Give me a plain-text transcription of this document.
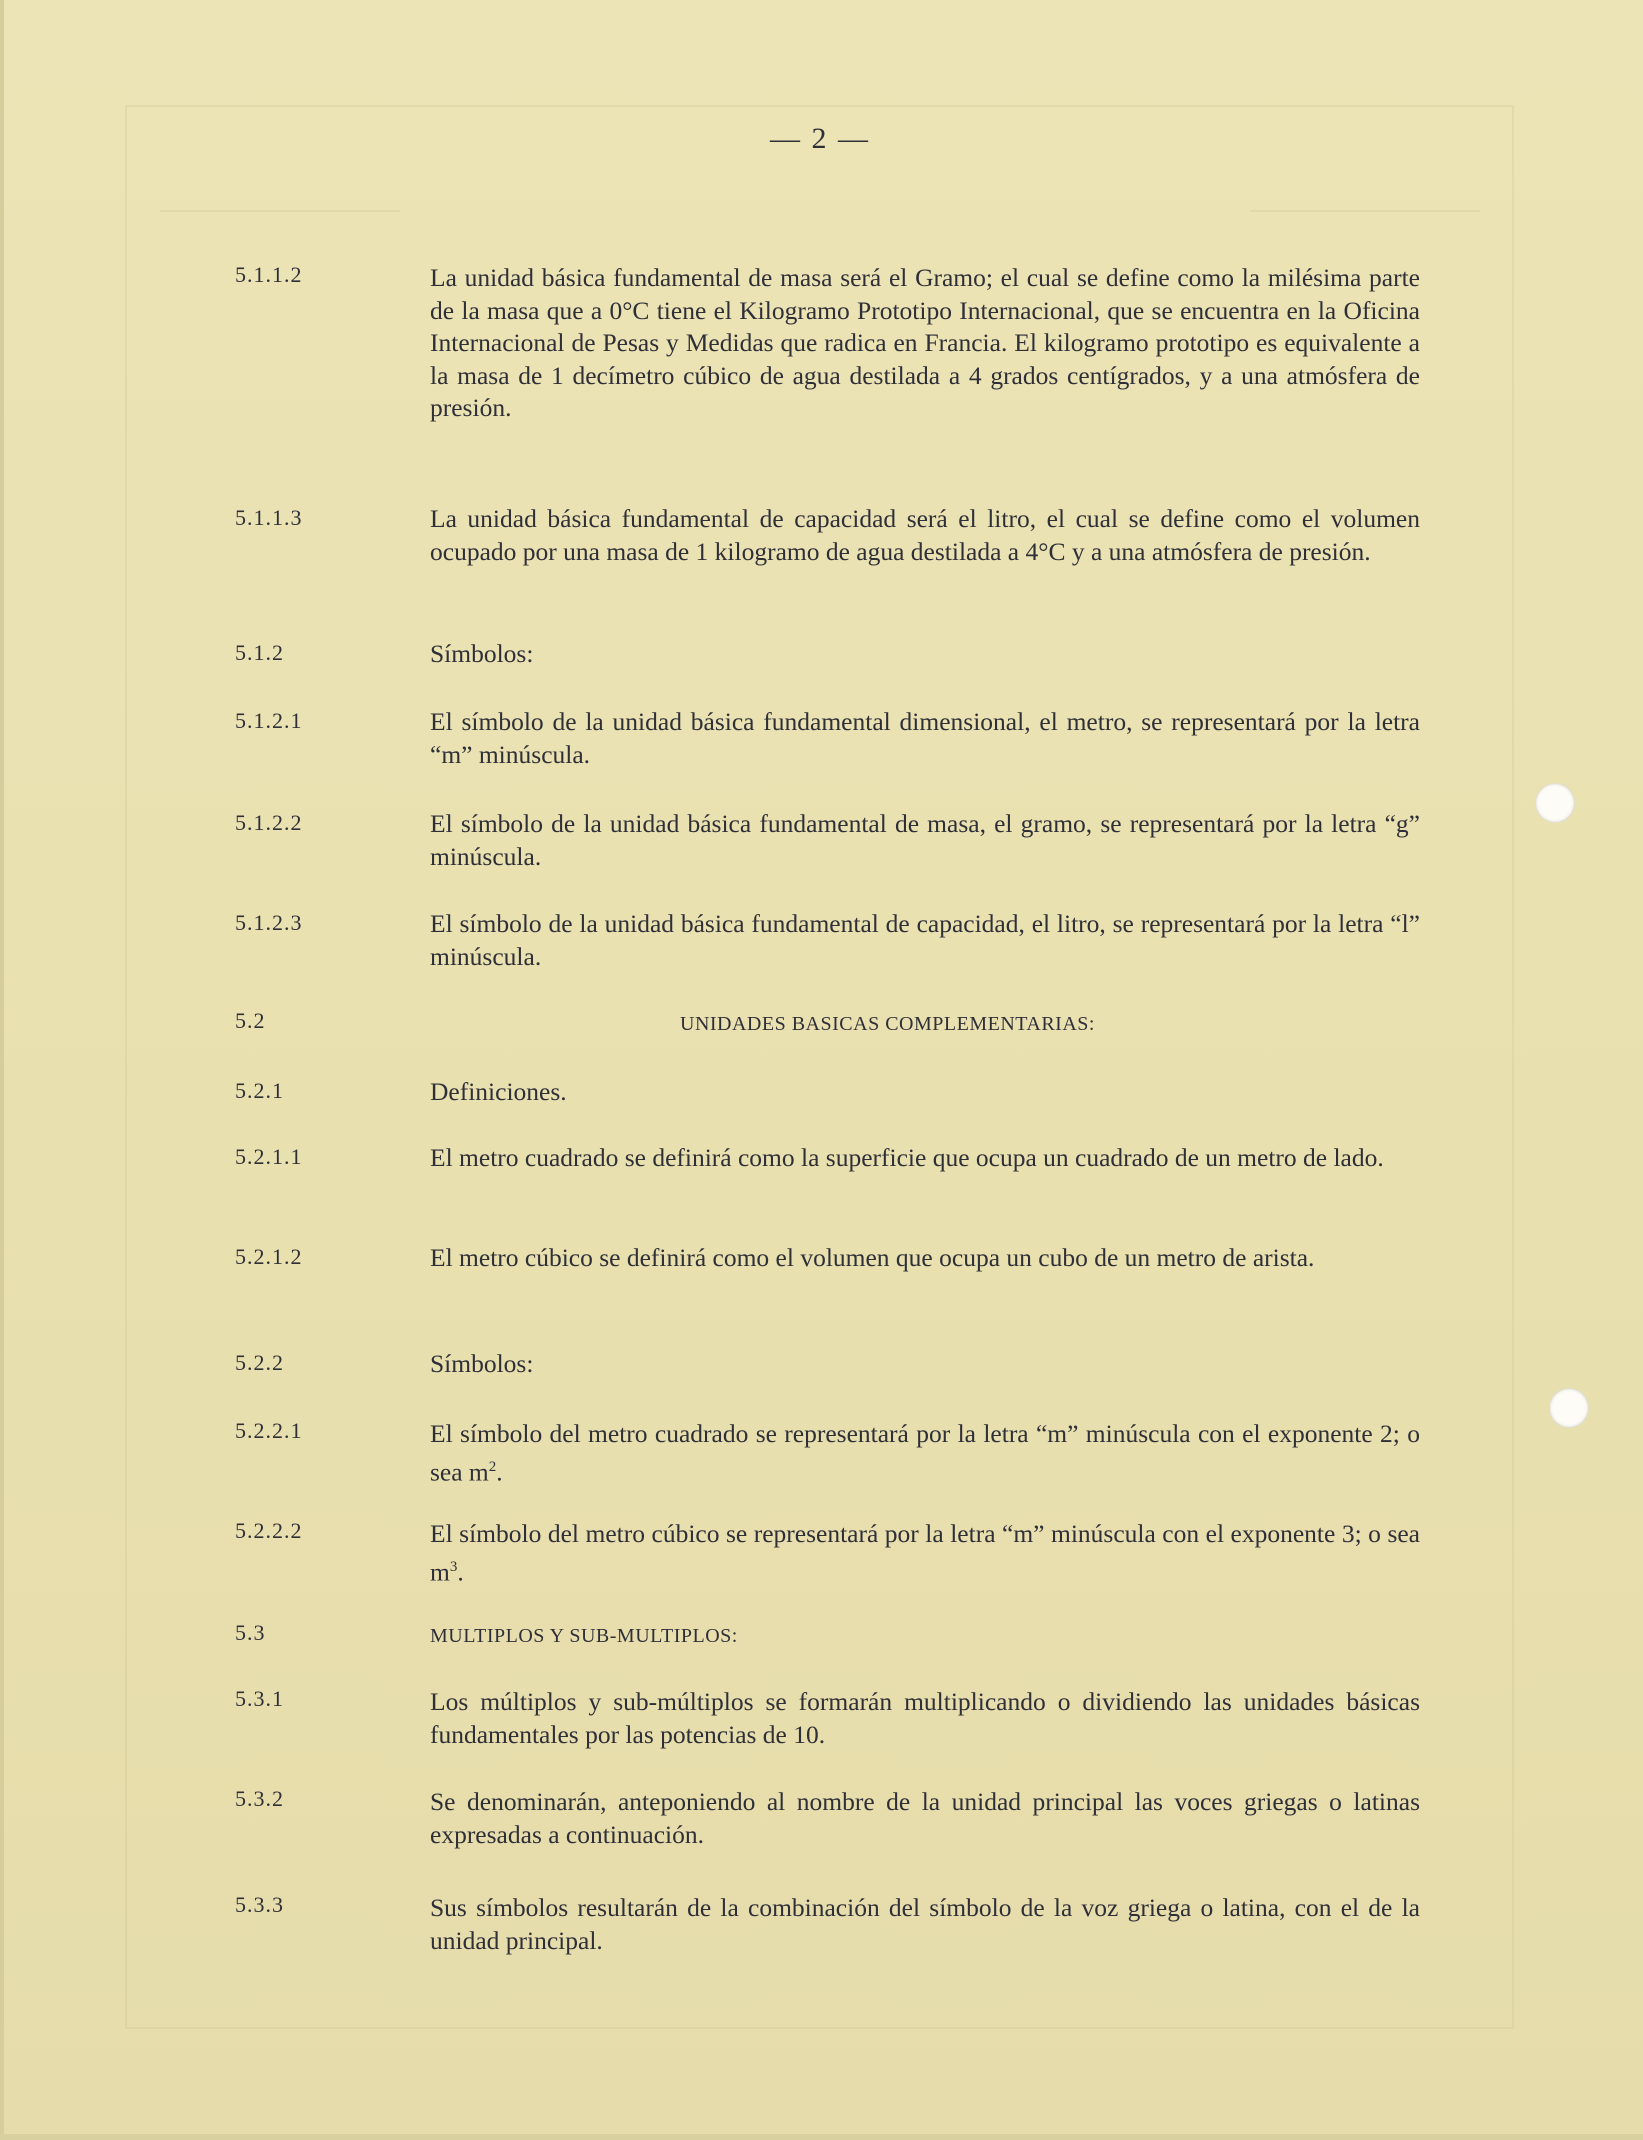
— 2 —
5.1.1.2	La unidad básica fundamental de masa será el Gramo; el cual se define como la milésima parte de la masa que a 0°C tiene el Kilogramo Prototipo Internacional, que se encuentra en la Oficina Internacional de Pesas y Medidas que radica en Francia. El kilogramo prototipo es equivalente a la masa de 1 decímetro cúbico de agua destilada a 4 grados centígrados, y a una atmósfera de presión.
5.1.1.3	La unidad básica fundamental de capacidad será el litro, el cual se define como el volumen ocupado por una masa de 1 kilogramo de agua destilada a 4°C y a una atmósfera de presión.
5.1.2	Símbolos:
5.1.2.1	El símbolo de la unidad básica fundamental dimensional, el metro, se representará por la letra “m” minúscula.
5.1.2.2	El símbolo de la unidad básica fundamental de masa, el gramo, se representará por la letra “g” minúscula.
5.1.2.3	El símbolo de la unidad básica fundamental de capacidad, el litro, se representará por la letra “l” minúscula.
5.2	UNIDADES BASICAS COMPLEMENTARIAS:
5.2.1	Definiciones.
5.2.1.1	El metro cuadrado se definirá como la superficie que ocupa un cuadrado de un metro de lado.
5.2.1.2	El metro cúbico se definirá como el volumen que ocupa un cubo de un metro de arista.
5.2.2	Símbolos:
5.2.2.1	El símbolo del metro cuadrado se representará por la letra “m” minúscula con el exponente 2; o sea $m^2$.
5.2.2.2	El símbolo del metro cúbico se representará por la letra “m” minúscula con el exponente 3; o sea $m^3$.
5.3	MULTIPLOS Y SUB-MULTIPLOS:
5.3.1	Los múltiplos y sub-múltiplos se formarán multiplicando o dividiendo las unidades básicas fundamentales por las potencias de 10.
5.3.2	Se denominarán, anteponiendo al nombre de la unidad principal las voces griegas o latinas expresadas a continuación.
5.3.3	Sus símbolos resultarán de la combinación del símbolo de la voz griega o latina, con el de la unidad principal.
